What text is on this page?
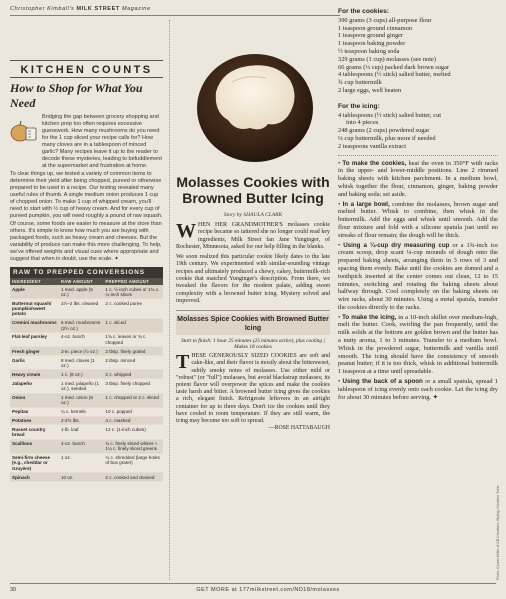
Christopher Kimball's MILK STREET Magazine
KITCHEN COUNTS
How to Shop for What You Need

Bridging the gap between grocery shopping and kitchen prep too often requires excessive guesswork. How many mushrooms do you need for the 1 cup sliced your recipe calls for? How many cloves are in a tablespoon of minced garlic? Many recipes leave it up to the reader to decode these mysteries, leading to befuddlement at the supermarket and frustration at home.

To clear things up, we tested a variety of common items to determine their yield after being chopped, pureed or otherwise prepared to be used in a recipe. Our testing revealed many useful rules of thumb. A single medium onion produces 1 cup of chopped onion. To make 1 cup of whipped cream, you'll need to start with ½ cup of heavy cream. And for every cup of pureed pumpkin, you will need roughly a pound of raw squash.

Of course, some foods are easier to measure at the store than others. It's simple to know how much you are buying with packaged foods, such as heavy cream and cheeses. But the variability of produce can make this more challenging. To help, we've offered weights and visual cues where appropriate and suggest that when in doubt, use the scale. ✦

RAW TO PREPPED CONVERSIONS
INGREDIENT	RAW AMOUNT	PREPPED AMOUNT
Apple	1 med. apple (6 oz.)	1 c. ½-inch cubes or 1¾ c. ¼-inch slices
Butternut squash/ pumpkin/sweet potato	1½–2 lbs. cleaned	2 c. cooked puree
Cremini mushrooms	6 med. mushrooms (2½ oz.)	1 c. sliced
Flat-leaf parsley	4-oz. bunch	1¾ c. leaves or ¾ c. chopped
Fresh ginger	3-in. piece (½ oz.)	2 tbsp. finely grated
Garlic	8 med. cloves (1 oz.)	2 tbsp. minced
Heavy cream	1 c. (8 oz.)	2 c. whipped
Jalapeño	1 med. jalapeño (1 oz.), seeded	3 tbsp. finely chopped
Onion	1 med. onion (8 oz.)	1 c. chopped or 2 c. sliced
Pepitas	¼ c. kernels	10 c. popped
Potatoes	2-2½ lbs.	4 c. mashed
Russet country bread	1-lb. loaf	12 c. (1-inch cubes)
Scallions	4-oz. bunch	¾ c. finely sliced whites + 1¼ c. finely sliced greens
Semi-firm cheese (e.g., cheddar or Gruyère)	1 oz.	¼ c. shredded (large holes of box grater)
Spinach	10 oz.	2 c. cooked and drained
Molasses Cookies with Browned Butter Icing
Story by SHAULA CLARK

WHEN HER GRANDMOTHER'S molasses cookie recipe became so tattered she no longer could read key ingredients, Milk Street fan Jane Yunginger, of Rochester, Minnesota, asked for our help filling in the blanks.

We soon realized this particular cookie likely dates to the late 19th century. We experimented with similar-sounding vintage recipes and ultimately produced a chewy, cakey, buttermilk-rich cookie that matched Yunginger's description. From there, we tweaked the flavors for the modern palate, adding sweet complexity with a browned butter icing. Mystery solved and improved.

Molasses Spice Cookies with Browned Butter Icing
Start to finish: 1 hour 25 minutes (25 minutes active), plus cooling | Makes 18 cookies
THESE GENEROUSLY SIZED COOKIES are soft and cake-like, and their flavor is mostly about the bittersweet, subtly smoky notes of molasses. Use either mild or "robust" (or "full") molasses, but avoid blackstrap molasses; its potent flavor will overpower the spices and make the cookies taste harsh and bitter. A browned butter icing gives the cookies a rich, elegant finish. Refrigerate leftovers in an airtight container for up to three days. Don't ice the cookies until they have cooled to room temperature. If they are still warm, the icing may become too soft to spread.
—ROSE HATTABAUGH
For the cookies:
390 grams (3 cups) all-purpose flour
1 teaspoon ground cinnamon
1 teaspoon ground ginger
1 teaspoon baking powder
½ teaspoon baking soda
329 grams (1 cup) molasses (see note)
66 grams (⅓ cup) packed dark brown sugar
4 tablespoons (½ stick) salted butter, melted
¾ cup buttermilk
2 large eggs, well beaten
For the icing:
4 tablespoons (½ stick) salted butter, cut
into 4 pieces
248 grams (2 cups) powdered sugar
¼ cup buttermilk, plus more if needed
2 teaspoons vanilla extract

• To make the cookies, heat the oven to 350°F with racks in the upper- and lower-middle positions. Line 2 rimmed baking sheets with kitchen parchment. In a medium bowl, whisk together the flour, cinnamon, ginger, baking powder and baking soda; set aside.

• In a large bowl, combine the molasses, brown sugar and melted butter. Whisk to combine, then whisk in the buttermilk. Add the eggs and whisk until smooth. Add the flour mixture and fold with a silicone spatula just until no streaks of flour remain; the dough will be thick.

• Using a ¼-cup dry measuring cup or a 1¾-inch ice cream scoop, drop scant ¼-cup mounds of dough onto the prepared baking sheets, arranging them in 3 rows of 3 and spacing them evenly. Bake until the cookies are domed and a toothpick inserted at the center comes out clean, 12 to 15 minutes, switching and rotating the baking sheets about halfway through. Cool completely on the baking sheets on wire racks, about 30 minutes. Using a metal spatula, transfer the cookies directly to the racks.

• To make the icing, in a 10-inch skillet over medium-high, melt the butter. Cook, swirling the pan frequently, until the milk solids at the bottom are golden brown and the butter has a nutty aroma, 1 to 3 minutes. Transfer to a medium bowl. Whisk in the powdered sugar, buttermilk and vanilla until smooth. The icing should have the consistency of smooth peanut butter; if it is too thick, whisk in additional buttermilk 1 teaspoon at a time until spreadable.

• Using the back of a spoon or a small spatula, spread 1 tablespoon of icing evenly onto each cookie. Let the icing dry for about 30 minutes before serving. ✦

Photo: Connie Miller of CB Creatives; Styling: Christine Tobin
30	GET MORE at 177milkstreet.com/ND18/molasses
